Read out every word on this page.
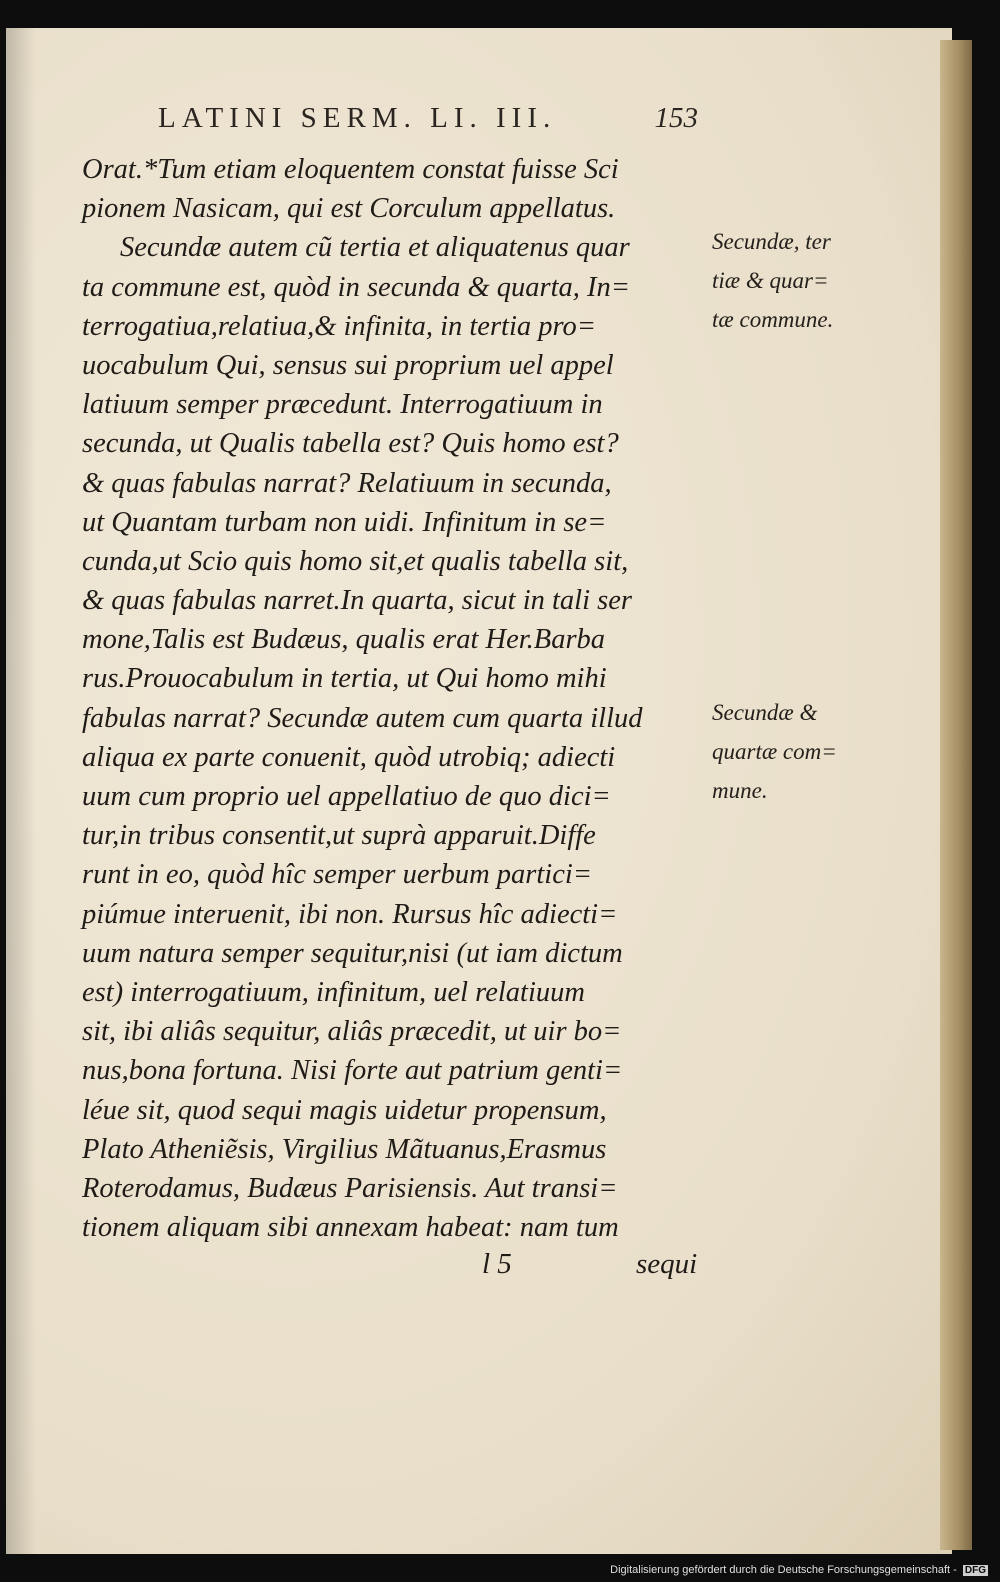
LATINI SERM. LI. III.	153
Orat.*Tum etiam eloquentem constat fuisse Sci
pionem Nasicam, qui est Corculum appellatus.
Secundæ autem cũ tertia et aliquatenus quar
ta commune est, quòd in secunda & quarta, In=
terrogatiua,relatiua,& infinita, in tertia pro=
uocabulum Qui, sensus sui proprium uel appel
latiuum semper præcedunt. Interrogatiuum in
secunda, ut Qualis tabella est? Quis homo est?
& quas fabulas narrat? Relatiuum in secunda,
ut Quantam turbam non uidi. Infinitum in se=
cunda,ut Scio quis homo sit,et qualis tabella sit,
& quas fabulas narret.In quarta, sicut in tali ser
mone,Talis est Budæus, qualis erat Her.Barba
rus.Prouocabulum in tertia, ut Qui homo mihi
fabulas narrat? Secundæ autem cum quarta illud
aliqua ex parte conuenit, quòd utrobiq; adiecti
uum cum proprio uel appellatiuo de quo dici=
tur,in tribus consentit,ut suprà apparuit.Diffe
runt in eo, quòd hîc semper uerbum partici=
piúmue interuenit, ibi non. Rursus hîc adiecti=
uum natura semper sequitur,nisi (ut iam dictum
est) interrogatiuum, infinitum, uel relatiuum
sit, ibi aliâs sequitur, aliâs præcedit, ut uir bo=
nus,bona fortuna. Nisi forte aut patrium genti=
léue sit, quod sequi magis uidetur propensum,
Plato Atheniẽsis, Virgilius Mãtuanus,Erasmus
Roterodamus, Budæus Parisiensis. Aut transi=
tionem aliquam sibi annexam habeat: nam tum
Secundæ, ter
tiæ & quar=
tæ commune.
Secundæ &
quartæ com=
mune.
l 5	sequi
Digitalisierung gefördert durch die Deutsche Forschungsgemeinschaft - DFG
